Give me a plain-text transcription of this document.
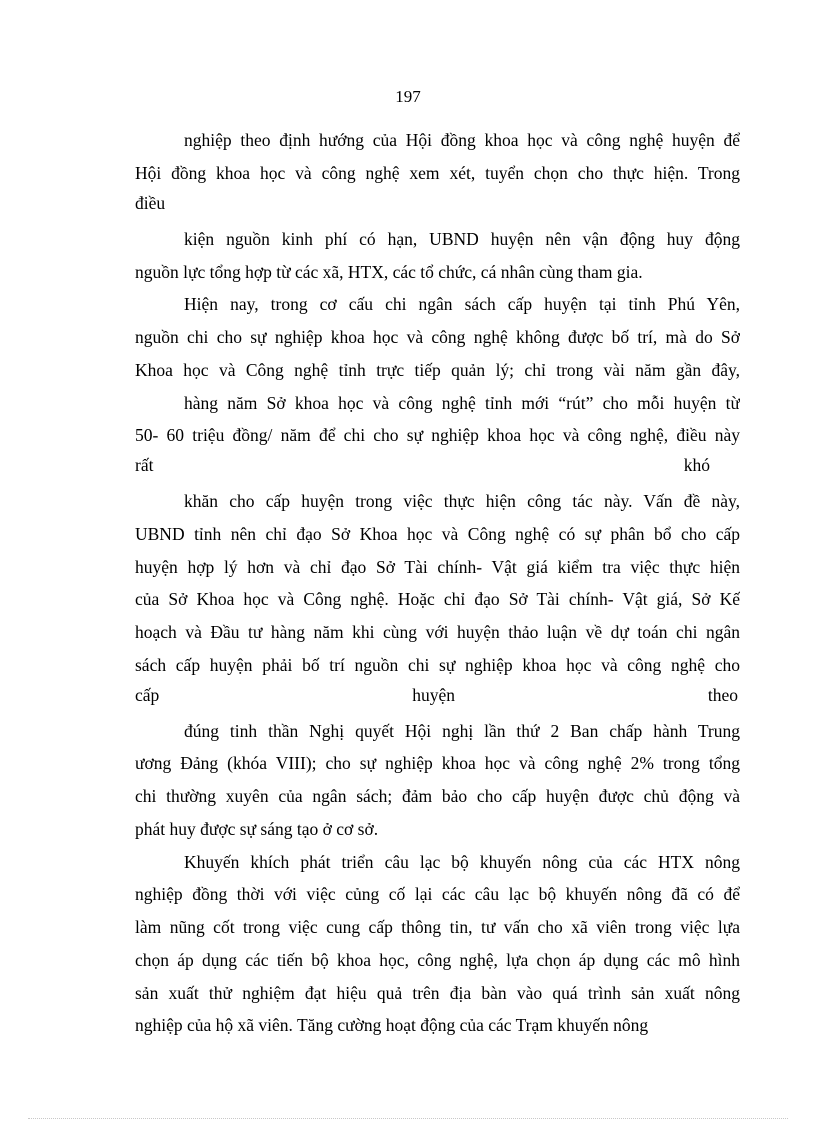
197
nghiệp theo định hướng của Hội đồng khoa học và công nghệ huyện để
Hội đồng khoa học và công nghệ xem xét, tuyển chọn cho thực hiện. Trong
điều
kiện nguồn kinh phí có hạn, UBND huyện nên vận động huy động
nguồn lực tổng hợp từ các xã, HTX, các tổ chức, cá nhân cùng tham gia.
Hiện nay, trong cơ cấu chi ngân sách cấp huyện tại tỉnh Phú Yên,
nguồn chi cho sự nghiệp khoa học và công nghệ không được bố trí, mà do Sở
Khoa học và Công nghệ tỉnh trực tiếp quản lý; chỉ trong vài năm gần đây,
hàng năm Sở khoa học và công nghệ tỉnh mới “rút” cho mỗi huyện từ
50- 60 triệu đồng/ năm để chi cho sự nghiệp khoa học và công nghệ, điều này
rất khó
khăn cho cấp huyện trong việc thực hiện công tác này. Vấn đề này,
UBND tỉnh nên chỉ đạo Sở Khoa học và Công nghệ có sự phân bổ cho cấp
huyện hợp lý hơn và chỉ đạo Sở Tài chính- Vật giá kiểm tra việc thực hiện
của Sở Khoa học và Công nghệ. Hoặc chỉ đạo Sở Tài chính- Vật giá, Sở Kế
hoạch và Đầu tư hàng năm khi cùng với huyện thảo luận về dự toán chi ngân
sách cấp huyện phải bố trí nguồn chi sự nghiệp khoa học và công nghệ cho
cấp huyện theo
đúng tinh thần Nghị quyết Hội nghị lần thứ 2 Ban chấp hành Trung
ương Đảng (khóa VIII); cho sự nghiệp khoa học và công nghệ 2% trong tổng
chi thường xuyên của ngân sách; đảm bảo cho cấp huyện được chủ động và
phát huy được sự sáng tạo ở cơ sở.
Khuyến khích phát triển câu lạc bộ khuyến nông của các HTX nông
nghiệp đồng thời với việc củng cố lại các câu lạc bộ khuyến nông đã có để
làm nũng cốt trong việc cung cấp thông tin, tư vấn cho xã viên trong việc lựa
chọn áp dụng các tiến bộ khoa học, công nghệ, lựa chọn áp dụng các mô hình
sản xuất thử nghiệm đạt hiệu quả trên địa bàn vào quá trình sản xuất nông
nghiệp của hộ xã viên. Tăng cường hoạt động của các Trạm khuyến nông
